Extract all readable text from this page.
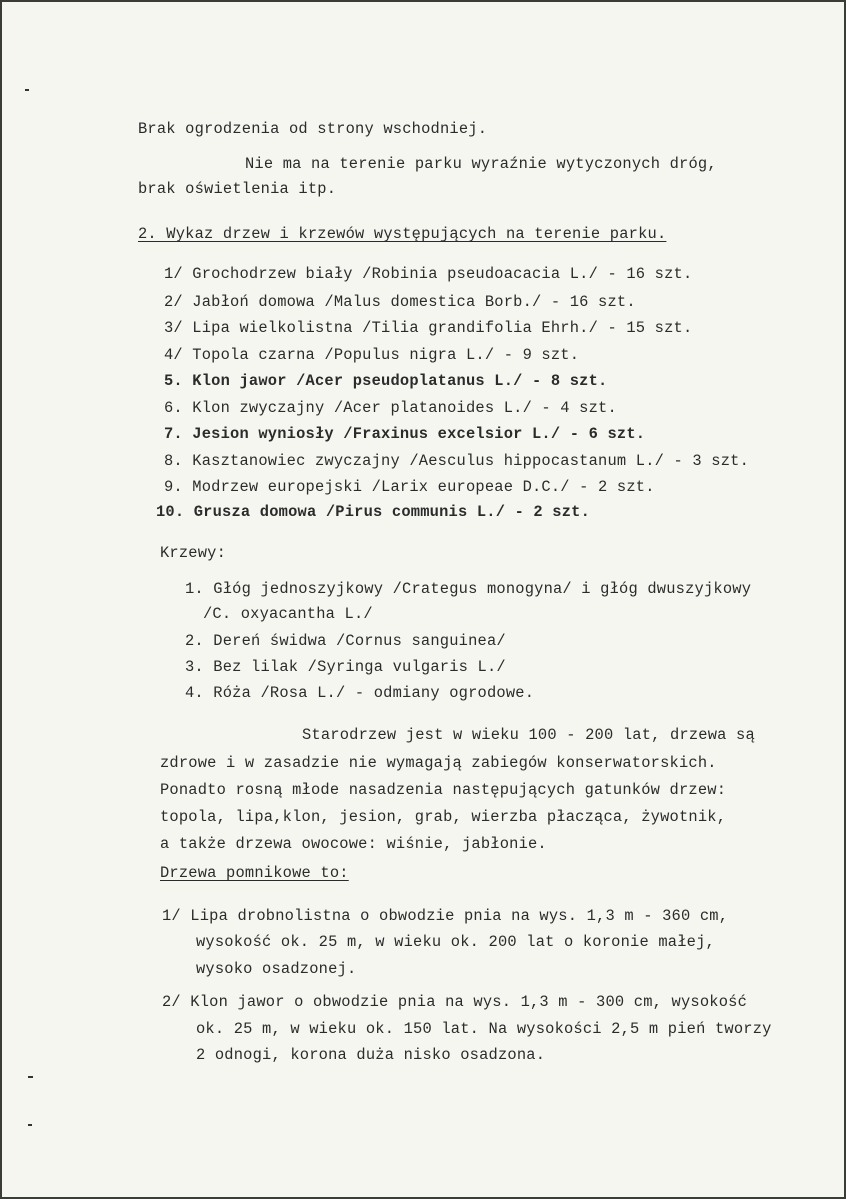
Brak ogrodzenia od strony wschodniej.
Nie ma na terenie parku wyraźnie wytyczonych dróg,
brak oświetlenia itp.
2. Wykaz drzew i krzewów występujących na terenie parku.
1/ Grochodrzew biały /Robinia pseudoacacia L./ - 16 szt.
2/ Jabłoń domowa /Malus domestica Borb./ - 16 szt.
3/ Lipa wielkolistna /Tilia grandifolia Ehrh./ - 15 szt.
4/ Topola czarna /Populus nigra L./ - 9 szt.
5. Klon jawor /Acer pseudoplatanus L./ - 8 szt.
6. Klon zwyczajny /Acer platanoides L./ - 4 szt.
7. Jesion wyniosły /Fraxinus excelsior L./ - 6 szt.
8. Kasztanowiec zwyczajny /Aesculus hippocastanum L./ - 3 szt.
9. Modrzew europejski /Larix europeae D.C./ - 2 szt.
10. Grusza domowa /Pirus communis L./ - 2 szt.
Krzewy:
1. Głóg jednoszyjkowy /Crategus monogyna/ i głóg dwuszyjkowy
/C. oxyacantha L./
2. Dereń świdwa /Cornus sanguinea/
3. Bez lilak /Syringa vulgaris L./
4. Róża /Rosa L./ - odmiany ogrodowe.
Starodrzew jest w wieku 100 - 200 lat, drzewa są
zdrowe i w zasadzie nie wymagają zabiegów konserwatorskich.
Ponadto rosną młode nasadzenia następujących gatunków drzew:
topola, lipa,klon, jesion, grab, wierzba płacząca, żywotnik,
a także drzewa owocowe: wiśnie, jabłonie.
Drzewa pomnikowe to:
1/ Lipa drobnolistna o obwodzie pnia na wys. 1,3 m - 360 cm,
wysokość ok. 25 m, w wieku ok. 200 lat o koronie małej,
wysoko osadzonej.
2/ Klon jawor o obwodzie pnia na wys. 1,3 m - 300 cm, wysokość
ok. 25 m, w wieku ok. 150 lat. Na wysokości 2,5 m pień tworzy
2 odnogi, korona duża nisko osadzona.
